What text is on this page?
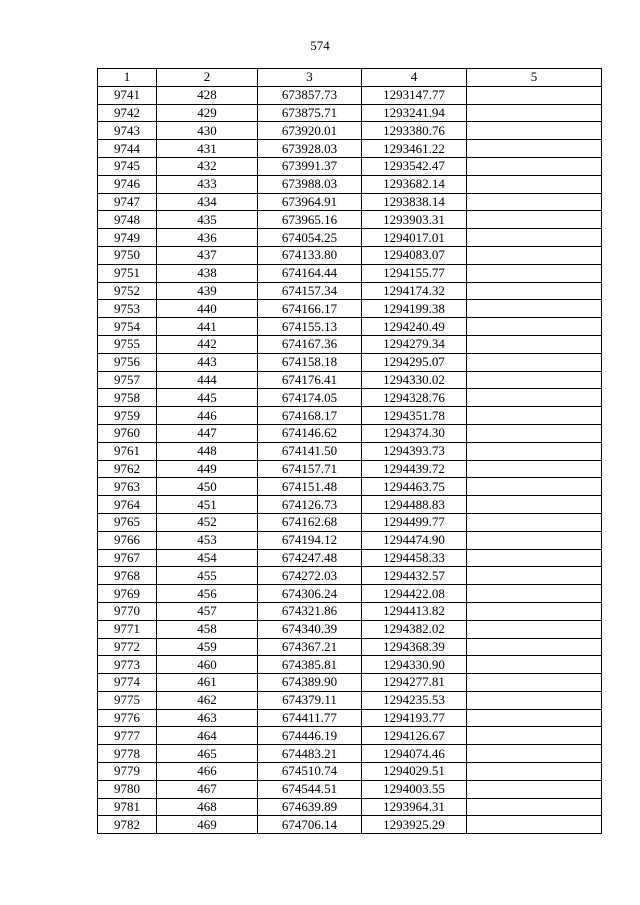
574
1	2	3	4	5
9741	428	673857.73	1293147.77	
9742	429	673875.71	1293241.94	
9743	430	673920.01	1293380.76	
9744	431	673928.03	1293461.22	
9745	432	673991.37	1293542.47	
9746	433	673988.03	1293682.14	
9747	434	673964.91	1293838.14	
9748	435	673965.16	1293903.31	
9749	436	674054.25	1294017.01	
9750	437	674133.80	1294083.07	
9751	438	674164.44	1294155.77	
9752	439	674157.34	1294174.32	
9753	440	674166.17	1294199.38	
9754	441	674155.13	1294240.49	
9755	442	674167.36	1294279.34	
9756	443	674158.18	1294295.07	
9757	444	674176.41	1294330.02	
9758	445	674174.05	1294328.76	
9759	446	674168.17	1294351.78	
9760	447	674146.62	1294374.30	
9761	448	674141.50	1294393.73	
9762	449	674157.71	1294439.72	
9763	450	674151.48	1294463.75	
9764	451	674126.73	1294488.83	
9765	452	674162.68	1294499.77	
9766	453	674194.12	1294474.90	
9767	454	674247.48	1294458.33	
9768	455	674272.03	1294432.57	
9769	456	674306.24	1294422.08	
9770	457	674321.86	1294413.82	
9771	458	674340.39	1294382.02	
9772	459	674367.21	1294368.39	
9773	460	674385.81	1294330.90	
9774	461	674389.90	1294277.81	
9775	462	674379.11	1294235.53	
9776	463	674411.77	1294193.77	
9777	464	674446.19	1294126.67	
9778	465	674483.21	1294074.46	
9779	466	674510.74	1294029.51	
9780	467	674544.51	1294003.55	
9781	468	674639.89	1293964.31	
9782	469	674706.14	1293925.29	
